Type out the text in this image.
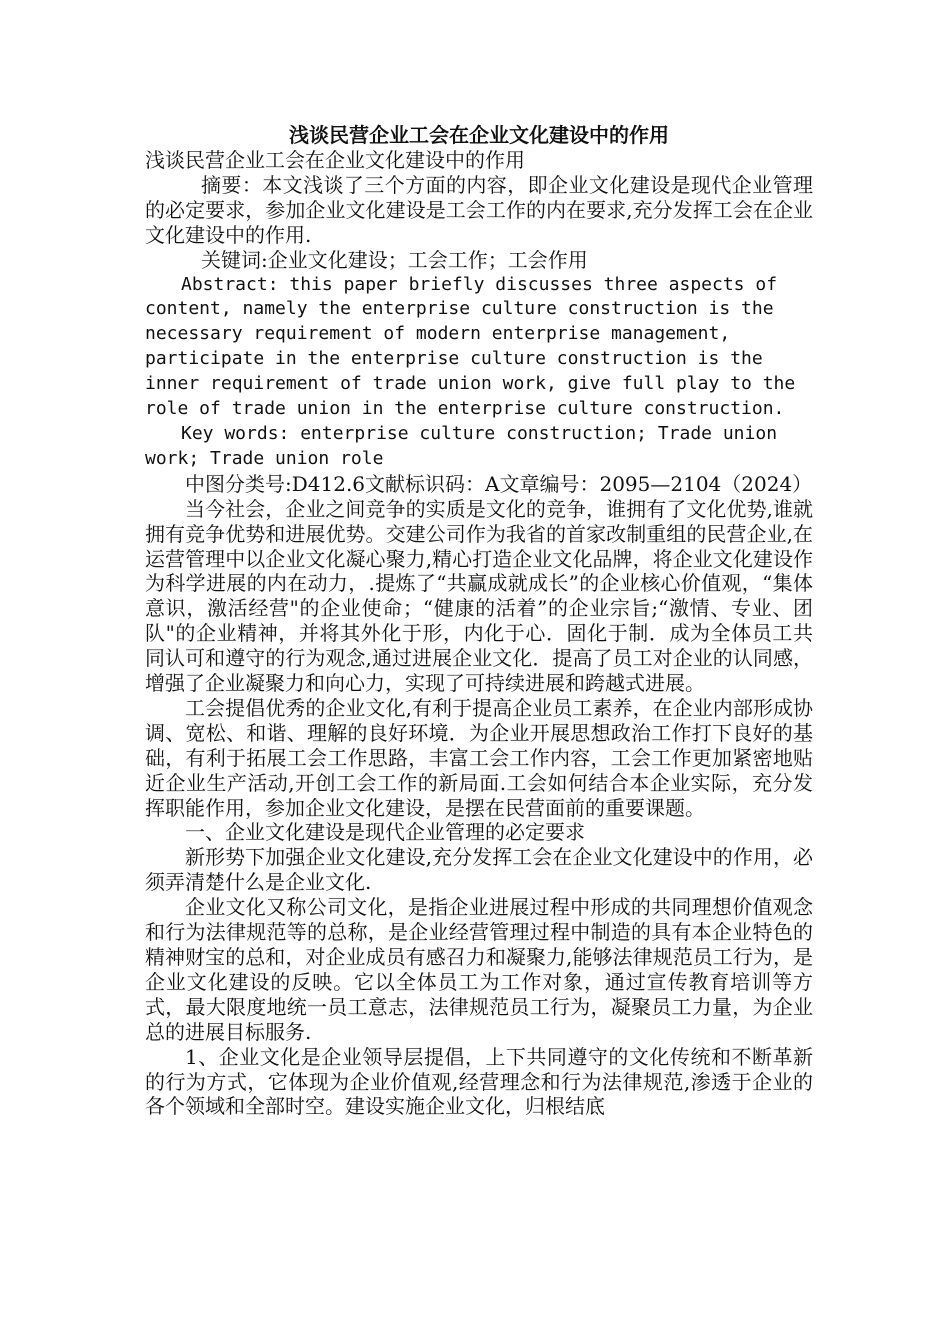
浅谈民营企业工会在企业文化建设中的作用

浅谈民营企业工会在企业文化建设中的作用

摘要：本文浅谈了三个方面的内容，即企业文化建设是现代企业管理的必定要求，参加企业文化建设是工会工作的内在要求,充分发挥工会在企业文化建设中的作用.

关键词:企业文化建设；工会工作；工会作用

Abstract: this paper briefly discusses three aspects of content, namely the enterprise culture construction is the necessary requirement of modern enterprise management, participate in the enterprise culture construction is the inner requirement of trade union work, give full play to the role of trade union in the enterprise culture construction.

Key words: enterprise culture construction; Trade union work; Trade union role

中图分类号:D412.6文献标识码：A文章编号：2095—2104（2024）

当今社会，企业之间竞争的实质是文化的竞争，谁拥有了文化优势,谁就拥有竞争优势和进展优势。交建公司作为我省的首家改制重组的民营企业,在运营管理中以企业文化凝心聚力,精心打造企业文化品牌，将企业文化建设作为科学进展的内在动力，.提炼了“共赢成就成长”的企业核心价值观，“集体意识，激活经营"的企业使命；“健康的活着”的企业宗旨;“激情、专业、团队"的企业精神，并将其外化于形，内化于心．固化于制．成为全体员工共同认可和遵守的行为观念,通过进展企业文化．提高了员工对企业的认同感，增强了企业凝聚力和向心力，实现了可持续进展和跨越式进展。

工会提倡优秀的企业文化,有利于提高企业员工素养，在企业内部形成协调、宽松、和谐、理解的良好环境．为企业开展思想政治工作打下良好的基础，有利于拓展工会工作思路，丰富工会工作内容，工会工作更加紧密地贴近企业生产活动,开创工会工作的新局面.工会如何结合本企业实际，充分发挥职能作用，参加企业文化建设，是摆在民营面前的重要课题。

一、企业文化建设是现代企业管理的必定要求

新形势下加强企业文化建设,充分发挥工会在企业文化建设中的作用，必须弄清楚什么是企业文化.

企业文化又称公司文化，是指企业进展过程中形成的共同理想价值观念和行为法律规范等的总称，是企业经营管理过程中制造的具有本企业特色的精神财宝的总和，对企业成员有感召力和凝聚力,能够法律规范员工行为，是企业文化建设的反映。它以全体员工为工作对象，通过宣传教育培训等方式，最大限度地统一员工意志，法律规范员工行为，凝聚员工力量，为企业总的进展目标服务.

1、企业文化是企业领导层提倡，上下共同遵守的文化传统和不断革新的行为方式，它体现为企业价值观,经营理念和行为法律规范,渗透于企业的各个领域和全部时空。建设实施企业文化，归根结底
